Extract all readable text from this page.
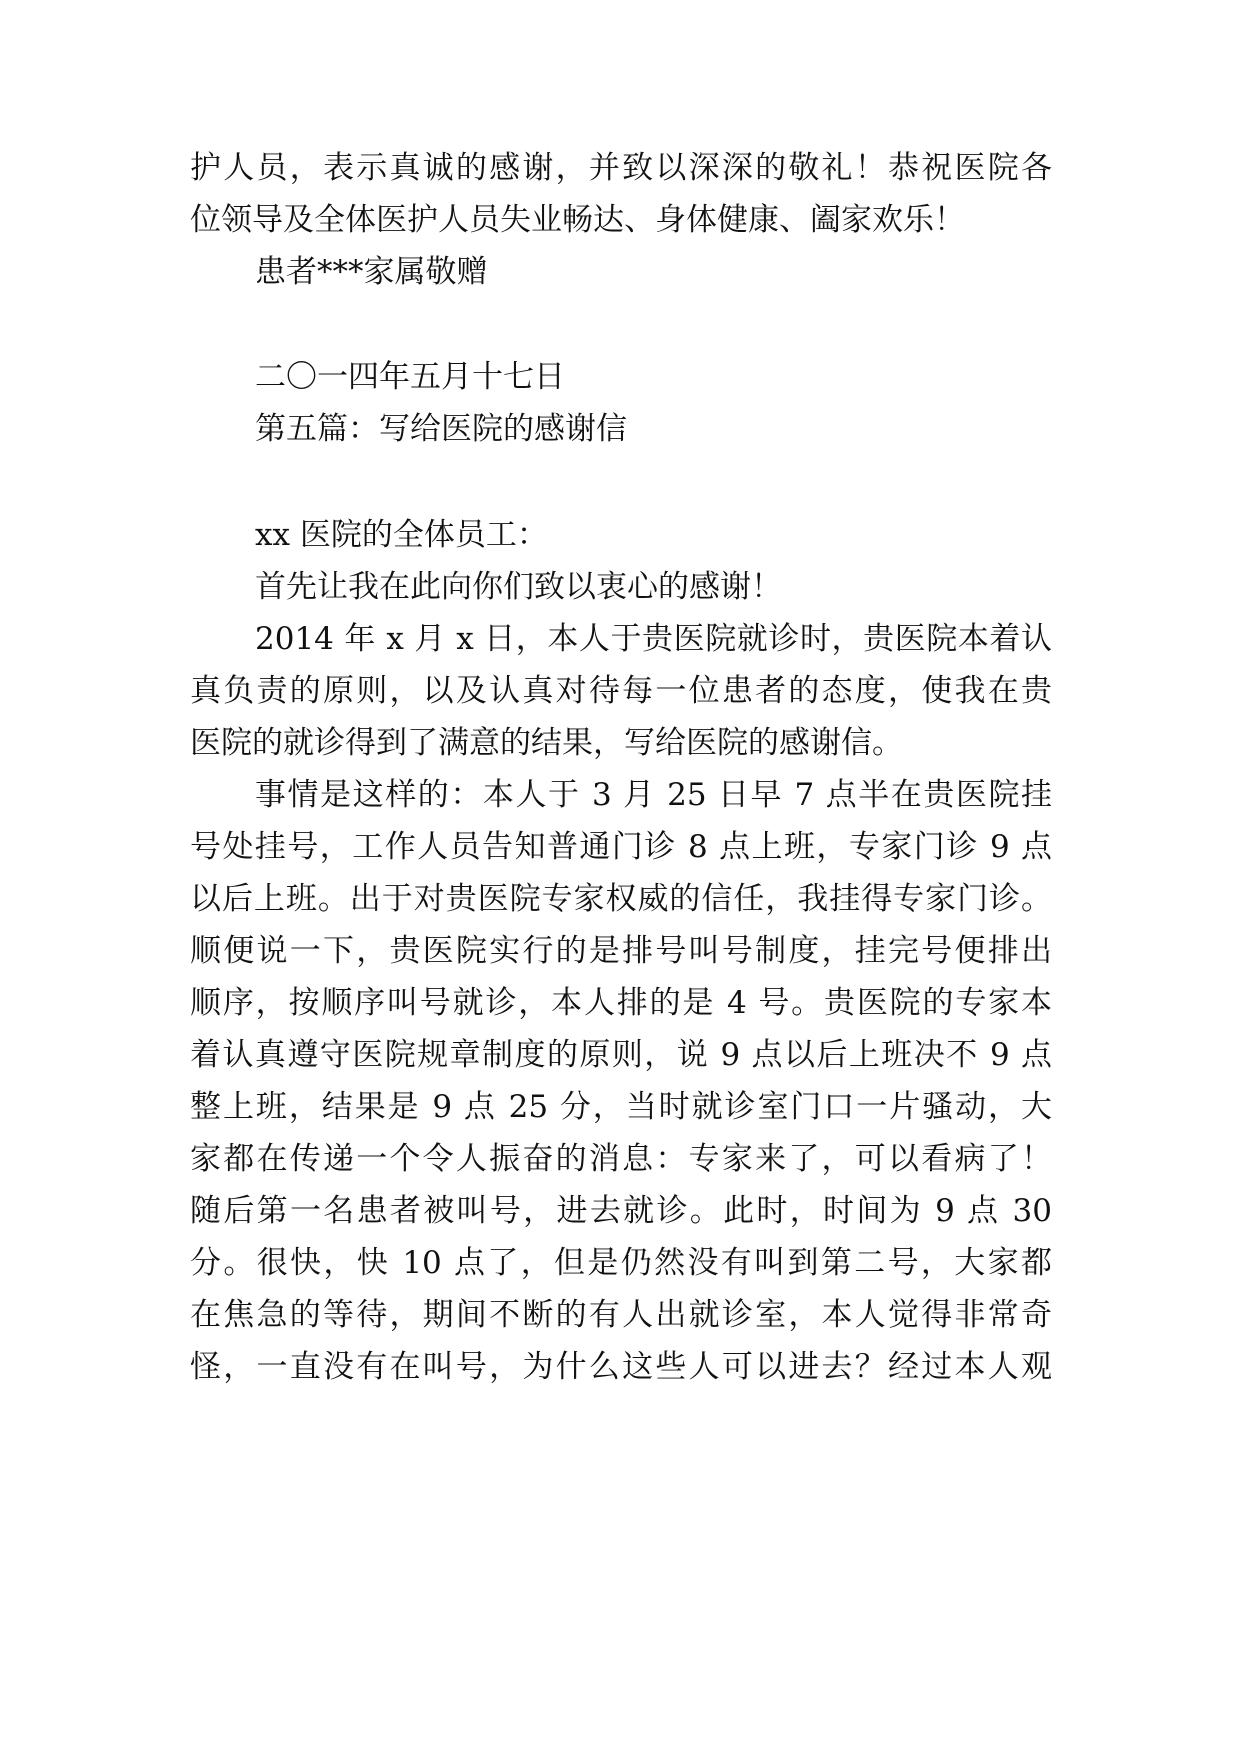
护人员，表示真诚的感谢，并致以深深的敬礼！恭祝医院各
位领导及全体医护人员失业畅达、身体健康、阖家欢乐！
患者***家属敬赠
二〇一四年五月十七日
第五篇：写给医院的感谢信
xx 医院的全体员工：
首先让我在此向你们致以衷心的感谢！
2014 年 x 月 x 日，本人于贵医院就诊时，贵医院本着认
真负责的原则，以及认真对待每一位患者的态度，使我在贵
医院的就诊得到了满意的结果，写给医院的感谢信。
事情是这样的：本人于 3 月 25 日早 7 点半在贵医院挂
号处挂号，工作人员告知普通门诊 8 点上班，专家门诊 9 点
以后上班。出于对贵医院专家权威的信任，我挂得专家门诊。
顺便说一下，贵医院实行的是排号叫号制度，挂完号便排出
顺序，按顺序叫号就诊，本人排的是 4 号。贵医院的专家本
着认真遵守医院规章制度的原则，说 9 点以后上班决不 9 点
整上班，结果是 9 点 25 分，当时就诊室门口一片骚动，大
家都在传递一个令人振奋的消息：专家来了，可以看病了！
随后第一名患者被叫号，进去就诊。此时，时间为 9 点 30
分。很快，快 10 点了，但是仍然没有叫到第二号，大家都
在焦急的等待，期间不断的有人出就诊室，本人觉得非常奇
怪，一直没有在叫号，为什么这些人可以进去？经过本人观
